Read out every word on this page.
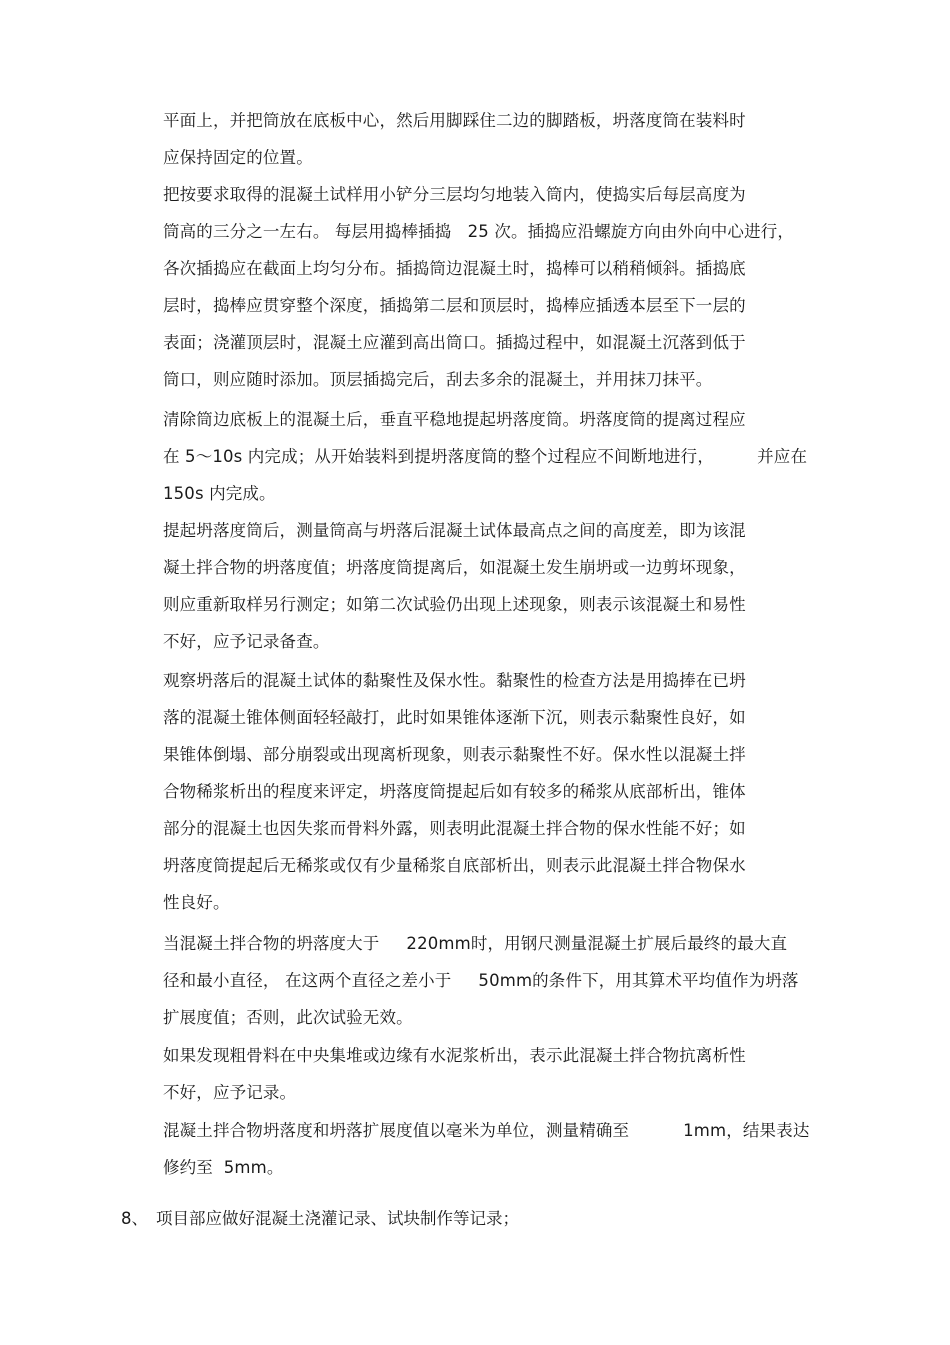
平面上，并把筒放在底板中心，然后用脚踩住二边的脚踏板，坍落度筒在装料时
应保持固定的位置。
把按要求取得的混凝土试样用小铲分三层均匀地装入筒内，使捣实后每层高度为
筒高的三分之一左右。 每层用捣棒插捣   25 次。插捣应沿螺旋方向由外向中心进行，
各次插捣应在截面上均匀分布。插捣筒边混凝土时，捣棒可以稍稍倾斜。插捣底
层时，捣棒应贯穿整个深度，插捣第二层和顶层时，捣棒应插透本层至下一层的
表面；浇灌顶层时，混凝土应灌到高出筒口。插捣过程中，如混凝土沉落到低于
筒口，则应随时添加。顶层插捣完后，刮去多余的混凝土，并用抹刀抹平。
清除筒边底板上的混凝土后，垂直平稳地提起坍落度筒。坍落度筒的提离过程应
在 5～10s 内完成；从开始装料到提坍落度筒的整个过程应不间断地进行，        并应在
150s 内完成。
提起坍落度筒后，测量筒高与坍落后混凝土试体最高点之间的高度差，即为该混
凝土拌合物的坍落度值；坍落度筒提离后，如混凝土发生崩坍或一边剪坏现象，
则应重新取样另行测定；如第二次试验仍出现上述现象，则表示该混凝土和易性
不好，应予记录备查。
观察坍落后的混凝土试体的黏聚性及保水性。黏聚性的检查方法是用捣捧在已坍
落的混凝土锥体侧面轻轻敲打，此时如果锥体逐渐下沉，则表示黏聚性良好，如
果锥体倒塌、部分崩裂或出现离析现象，则表示黏聚性不好。保水性以混凝土拌
合物稀浆析出的程度来评定，坍落度筒提起后如有较多的稀浆从底部析出，锥体
部分的混凝土也因失浆而骨料外露，则表明此混凝土拌合物的保水性能不好；如
坍落度筒提起后无稀浆或仅有少量稀浆自底部析出，则表示此混凝土拌合物保水
性良好。
当混凝土拌合物的坍落度大于     220mm时，用钢尺测量混凝土扩展后最终的最大直
径和最小直径， 在这两个直径之差小于     50mm的条件下，用其算术平均值作为坍落
扩展度值；否则，此次试验无效。
如果发现粗骨料在中央集堆或边缘有水泥浆析出，表示此混凝土拌合物抗离析性
不好，应予记录。
混凝土拌合物坍落度和坍落扩展度值以毫米为单位，测量精确至          1mm，结果表达
修约至  5mm。

8、 项目部应做好混凝土浇灌记录、试块制作等记录；
